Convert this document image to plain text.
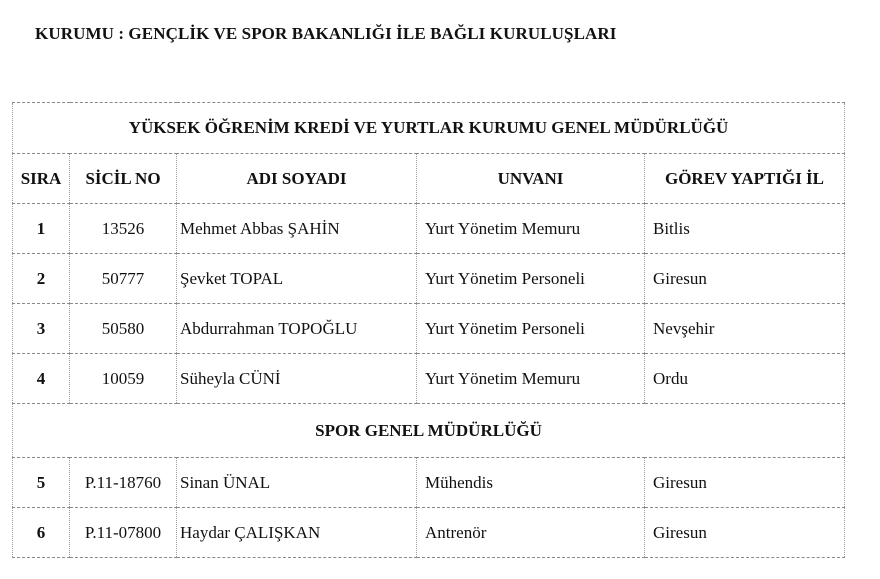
KURUMU : GENÇLİK VE SPOR BAKANLIĞI İLE BAĞLI KURULUŞLARI
YÜKSEK ÖĞRENİM KREDİ VE YURTLAR KURUMU GENEL MÜDÜRLÜĞÜ				
SIRA	SİCİL NO	ADI SOYADI	UNVANI	GÖREV YAPTIĞI İL
1	13526	Mehmet Abbas ŞAHİN	Yurt Yönetim Memuru	Bitlis
2	50777	Şevket TOPAL	Yurt Yönetim Personeli	Giresun
3	50580	Abdurrahman TOPOĞLU	Yurt Yönetim Personeli	Nevşehir
4	10059	Süheyla CÜNİ	Yurt Yönetim Memuru	Ordu
SPOR GENEL MÜDÜRLÜĞÜ				
5	P.11-18760	Sinan ÜNAL	Mühendis	Giresun
6	P.11-07800	Haydar ÇALIŞKAN	Antrenör	Giresun
